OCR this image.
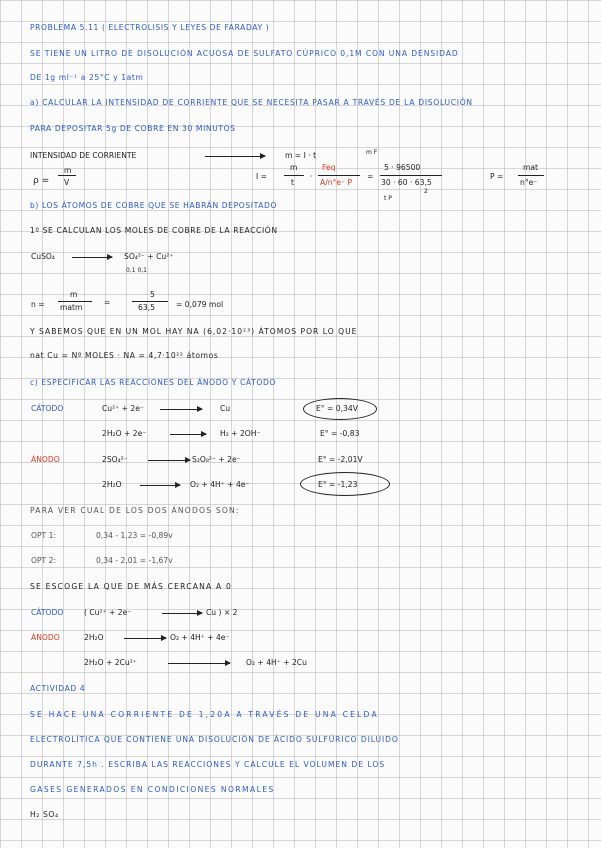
PROBLEMA 5.11 ( ELECTROLISIS Y LEYES DE FARADAY )
SE TIENE UN LITRO DE DISOLUCIÓN ACUOSA DE SULFATO CÚPRICO 0,1M CON UNA DENSIDAD
DE 1g ml⁻¹ a 25°C y 1atm
a) CALCULAR LA INTENSIDAD DE CORRIENTE QUE SE NECESITA PASAR A TRAVÉS DE LA DISOLUCIÓN
PARA DEPOSITAR 5g DE COBRE EN 30 MINUTOS
INTENSIDAD DE CORRIENTE	m = I · t
ρ =
m
V
I =
m
t
·
Feq
A/n°e⁻ P
m F
5 · 96500
=
30 · 60 · 63,5
2
t P
P =
mat
n°e⁻
b) LOS ÁTOMOS DE COBRE QUE SE HABRÁN DEPOSITADO
1º SE CALCULAN LOS MOLES DE COBRE DE LA REACCIÓN
CuSO₄	SO₄²⁻ + Cu²⁺
0,1 0,1
n =
m
matm
=
5
63,5	= 0,079 mol
Y SABEMOS QUE EN UN MOL HAY NA (6,02·10²³) ÁTOMOS POR LO QUE
nat Cu = Nº MOLES · NA = 4,7·10²² átomos
c) ESPECIFICAR LAS REACCIONES DEL ÁNODO Y CÁTODO
CÁTODO	Cu²⁺ + 2e⁻	Cu	E° = 0,34V
2H₂O + 2e⁻	H₂ + 2OH⁻	E° = -0,83
ÁNODO	2SO₄²⁻	S₂O₈²⁻ + 2e⁻	E° = -2,01V
2H₂O	O₂ + 4H⁺ + 4e⁻	E° = -1,23
PARA VER CUAL DE LOS DOS ÁNODOS SON:
OPT 1:	0,34 - 1,23 = -0,89v
OPT 2:	0,34 - 2,01 = -1,67v
SE ESCOGE LA QUE DE MÁS CERCANA A 0
CÁTODO	( Cu²⁺ + 2e⁻	Cu ) × 2
ÁNODO	2H₂O	O₂ + 4H⁺ + 4e⁻
2H₂O + 2Cu²⁺	O₂ + 4H⁺ + 2Cu
ACTIVIDAD 4
SE HACE UNA CORRIENTE DE 1,20A A TRAVÉS DE UNA CELDA
ELECTROLÍTICA QUE CONTIENE UNA DISOLUCIÓN DE ÁCIDO SULFÚRICO DILUIDO
DURANTE 7,5h . ESCRIBA LAS REACCIONES Y CALCULE EL VOLUMEN DE LOS
GASES GENERADOS EN CONDICIONES NORMALES
H₂ SO₄
